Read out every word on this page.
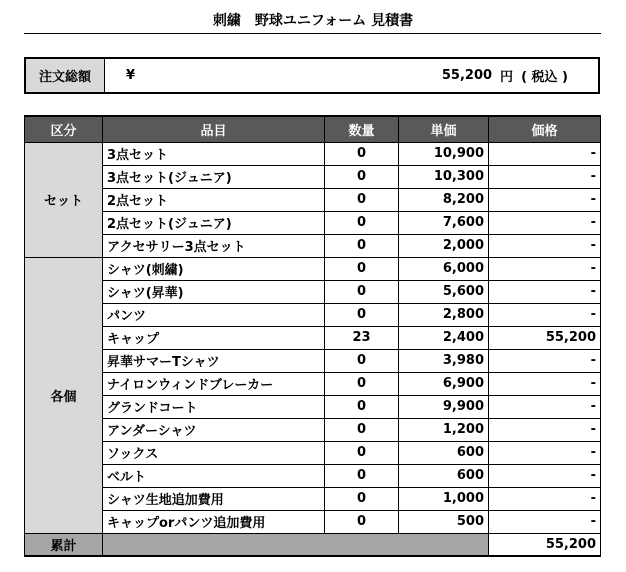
刺繍　野球ユニフォーム 見積書
注文総額	¥	55,200 円 ( 税込 )
区分	品目	数量	単価	価格
セット	3点セット	0	10,900	-
	3点セット(ジュニア)	0	10,300	-
	2点セット	0	8,200	-
	2点セット(ジュニア)	0	7,600	-
	アクセサリー3点セット	0	2,000	-
各個	シャツ(刺繍)	0	6,000	-
	シャツ(昇華)	0	5,600	-
	パンツ	0	2,800	-
	キャップ	23	2,400	55,200
	昇華サマーTシャツ	0	3,980	-
	ナイロンウィンドブレーカー	0	6,900	-
	グランドコート	0	9,900	-
	アンダーシャツ	0	1,200	-
	ソックス	0	600	-
	ベルト	0	600	-
	シャツ生地追加費用	0	1,000	-
	キャップorパンツ追加費用	0	500	-
累計				55,200
